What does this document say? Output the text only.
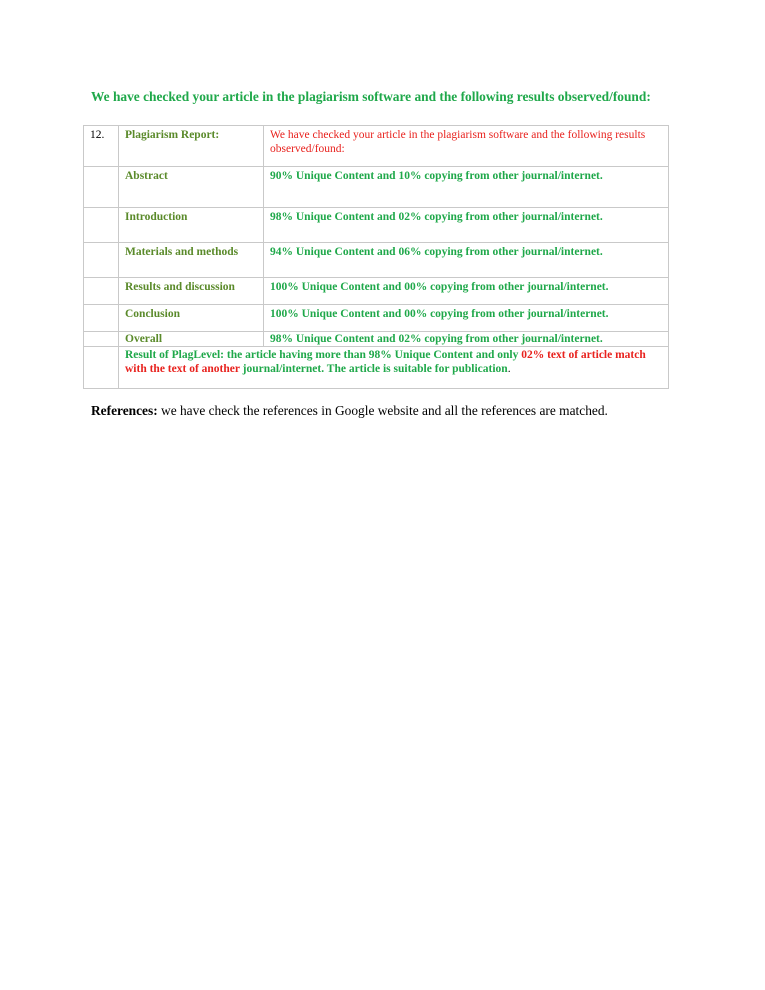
We have checked your article in the plagiarism software and the following results observed/found:

12.	Plagiarism Report:	We have checked your article in the plagiarism software and the following results observed/found:
	Abstract	90% Unique Content and 10% copying from other journal/internet.
	Introduction	98% Unique Content and 02% copying from other journal/internet.
	Materials and methods	94% Unique Content and 06% copying from other journal/internet.
	Results and discussion	100% Unique Content and 00% copying from other journal/internet.
	Conclusion	100% Unique Content and 00% copying from other journal/internet.
	Overall	98% Unique Content and 02% copying from other journal/internet.
	Result of PlagLevel: the article having more than 98% Unique Content and only 02% text of article match with the text of another journal/internet. The article is suitable for publication.	

References: we have check the references in Google website and all the references are matched.
